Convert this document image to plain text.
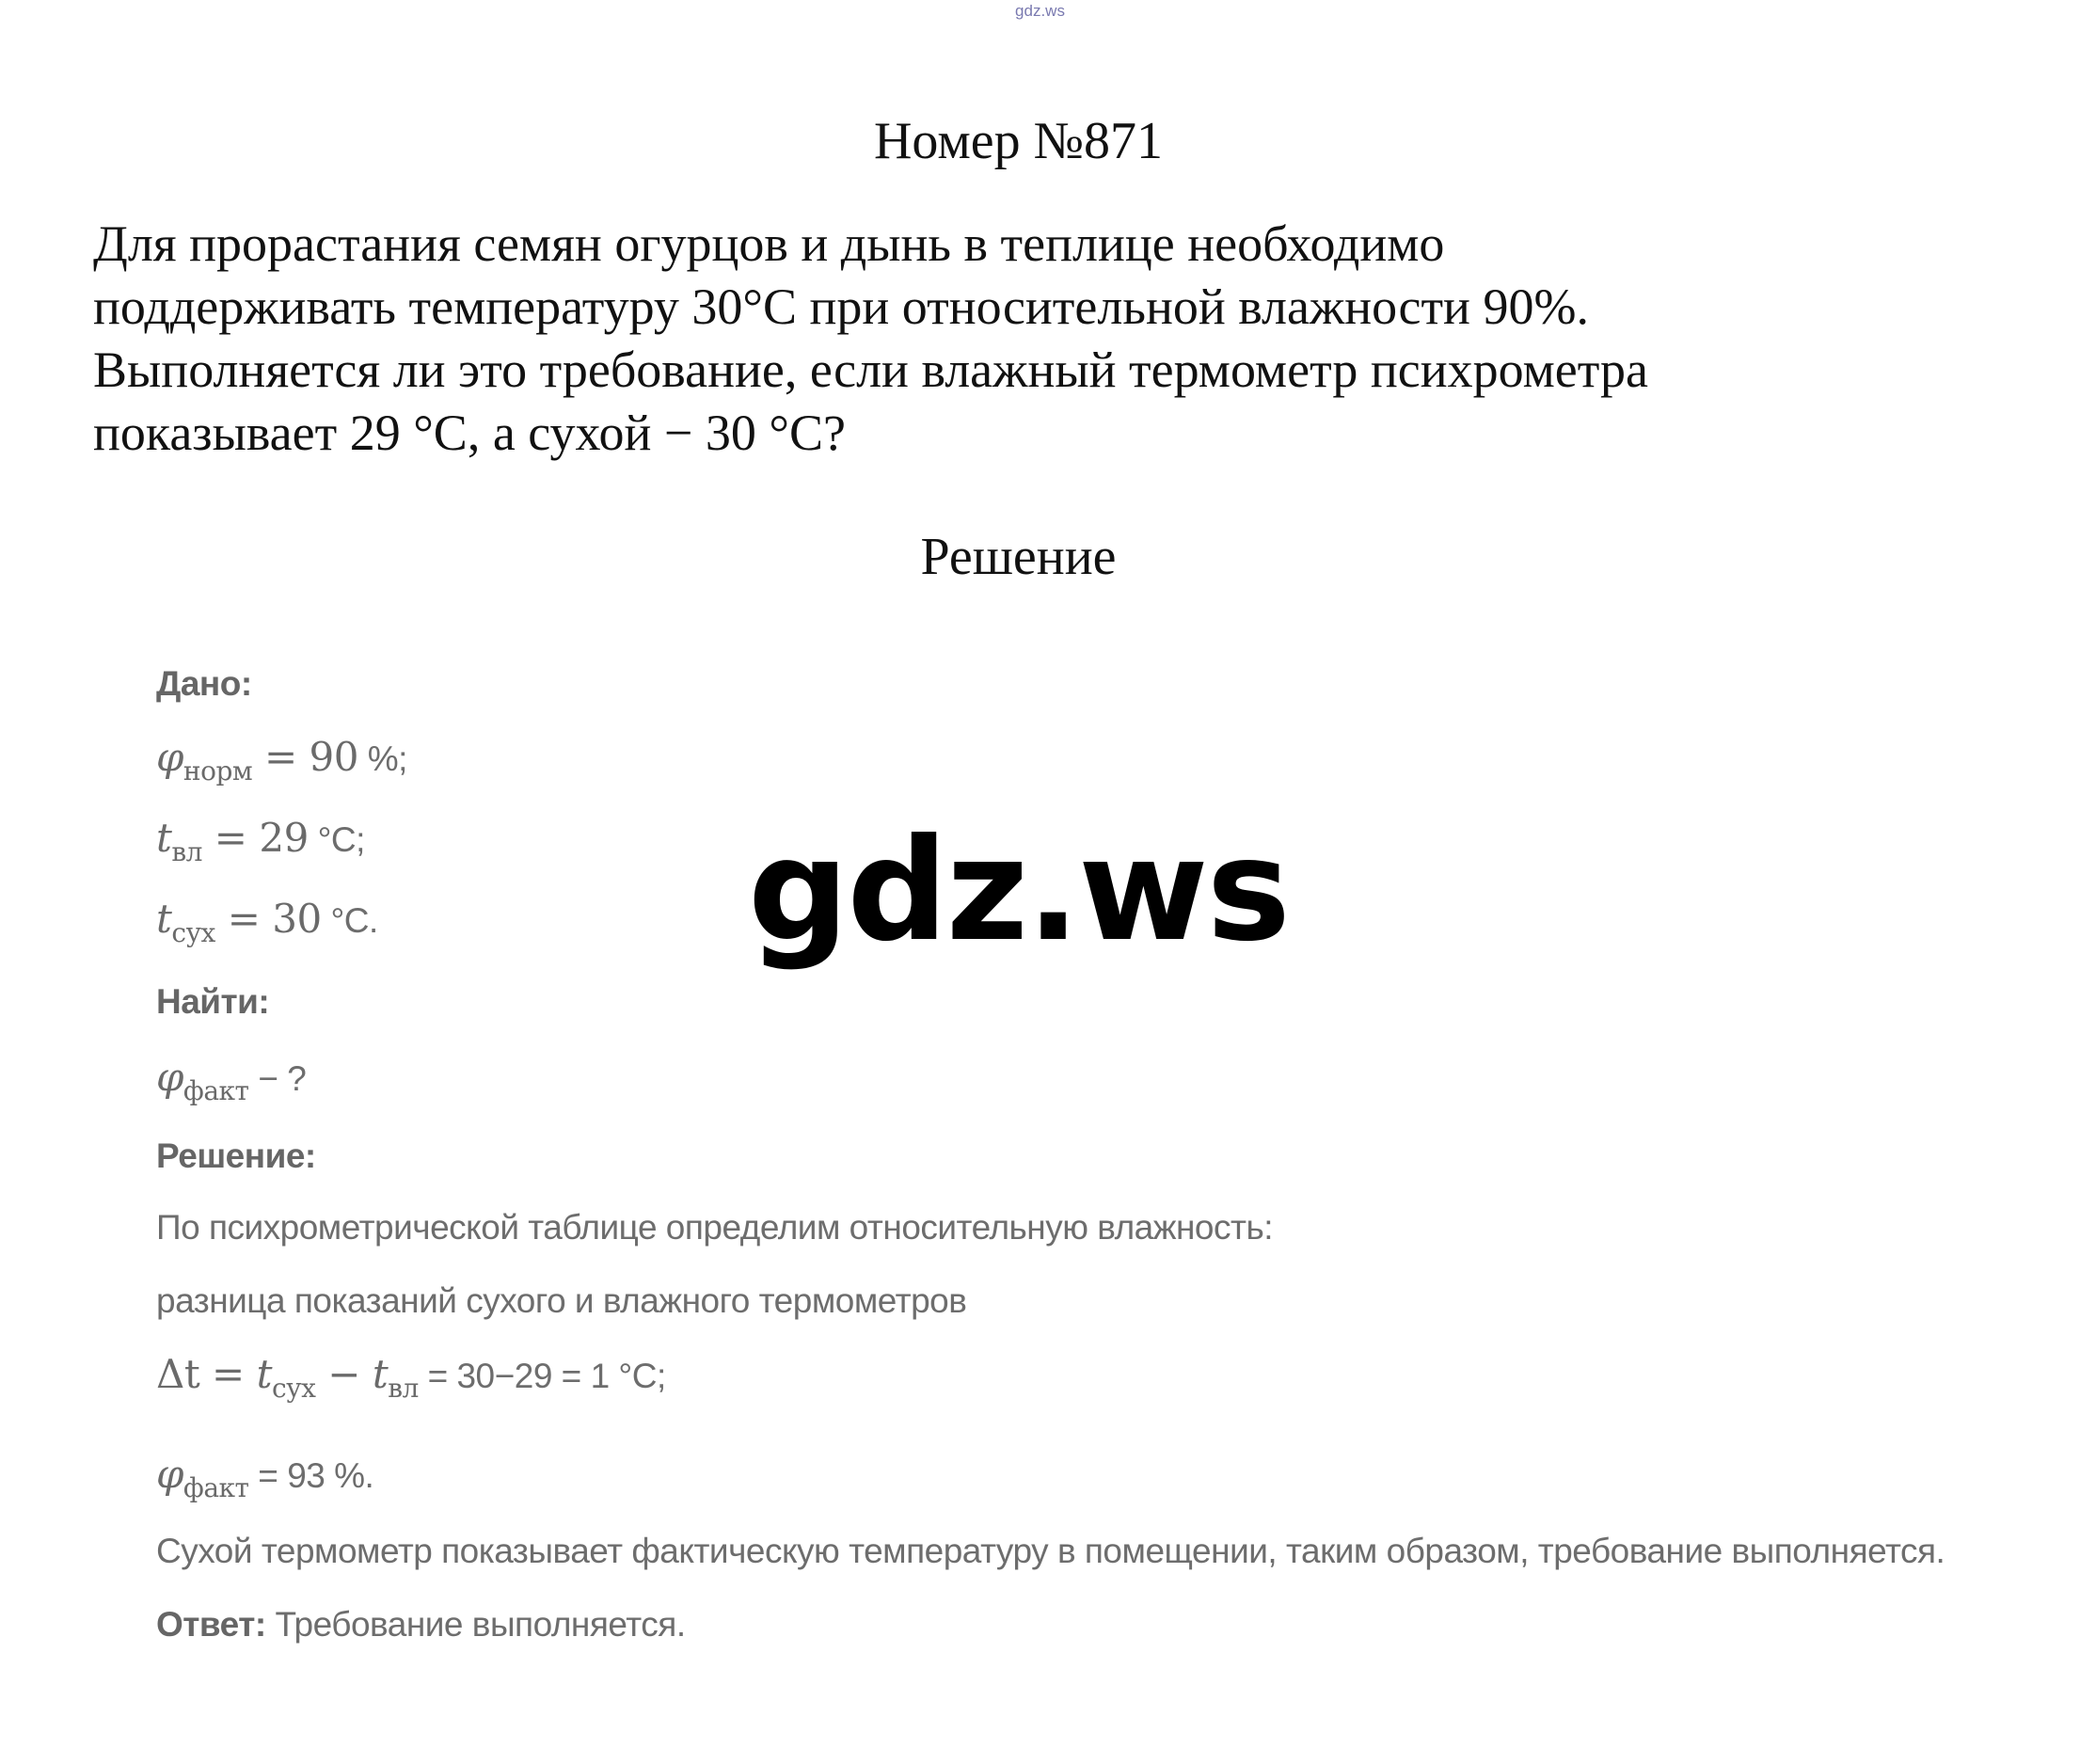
gdz.ws
Номер №871
Для прорастания семян огурцов и дынь в теплице необходимо
поддерживать температуру 30°С при относительной влажности 90%.
Выполняется ли это требование, если влажный термометр психрометра
показывает 29 °С, а сухой − 30 °С?
Решение
Дано:
$\varphi_{норм} = 90$ %;
$t_{вл} = 29$ °С;
$t_{сух} = 30$ °С.
Найти:
$\varphi_{факт}$ − ?
Решение:
По психрометрической таблице определим относительную влажность:
разница показаний сухого и влажного термометров
$\Delta t = t_{сух} - t_{вл} = 30-29 = 1$ °С;
$\varphi_{факт} = 93$ %.
Сухой термометр показывает фактическую температуру в помещении, таким образом, требование выполняется.
Ответ: Требование выполняется.
gdz.ws
